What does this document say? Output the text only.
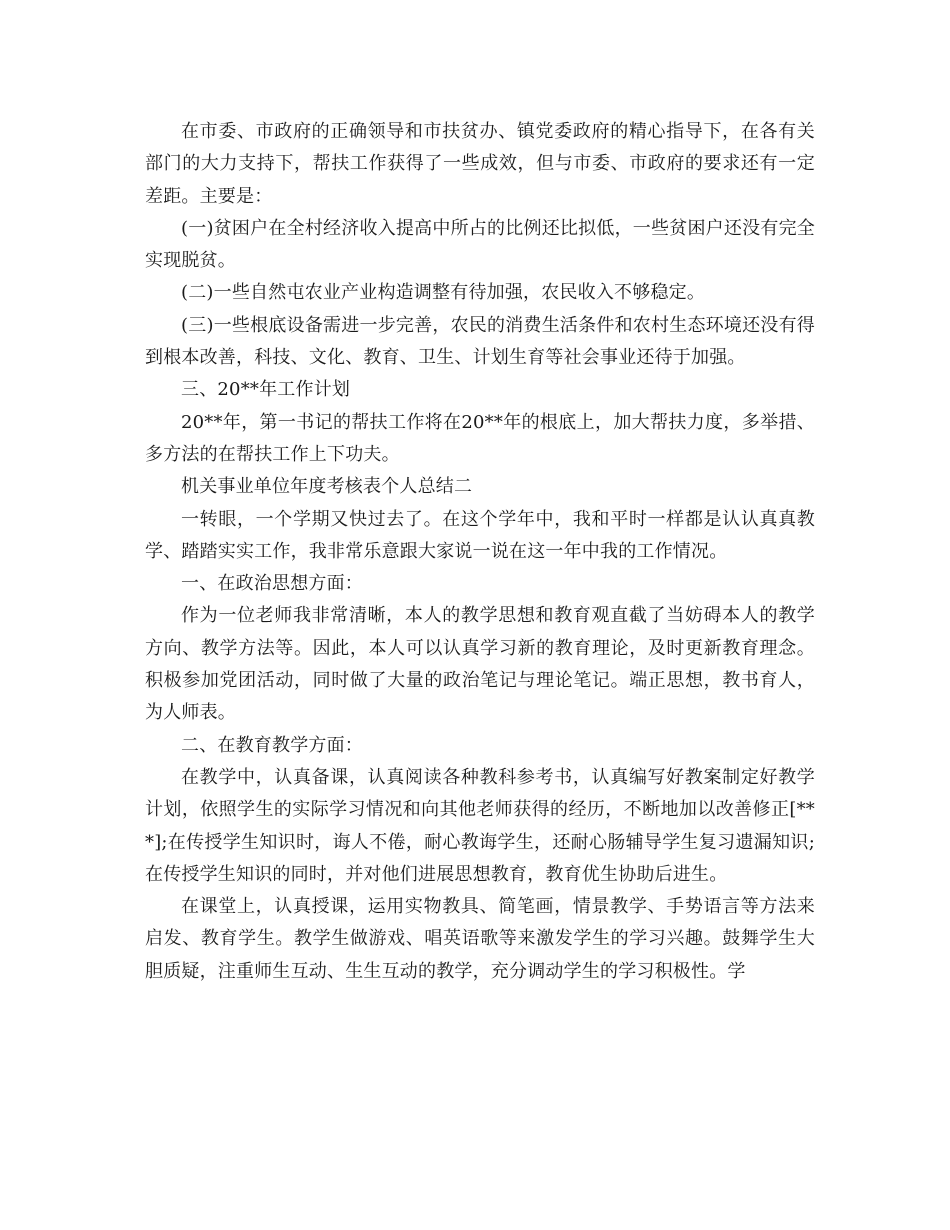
在市委、市政府的正确领导和市扶贫办、镇党委政府的精心指导下，在各有关部门的大力支持下，帮扶工作获得了一些成效，但与市委、市政府的要求还有一定差距。主要是：

(一)贫困户在全村经济收入提高中所占的比例还比拟低，一些贫困户还没有完全实现脱贫。

(二)一些自然屯农业产业构造调整有待加强，农民收入不够稳定。

(三)一些根底设备需进一步完善，农民的消费生活条件和农村生态环境还没有得到根本改善，科技、文化、教育、卫生、计划生育等社会事业还待于加强。

三、20**年工作计划

20**年，第一书记的帮扶工作将在20**年的根底上，加大帮扶力度，多举措、多方法的在帮扶工作上下功夫。

机关事业单位年度考核表个人总结二

一转眼，一个学期又快过去了。在这个学年中，我和平时一样都是认认真真教学、踏踏实实工作，我非常乐意跟大家说一说在这一年中我的工作情况。

一、在政治思想方面：

作为一位老师我非常清晰，本人的教学思想和教育观直截了当妨碍本人的教学方向、教学方法等。因此，本人可以认真学习新的教育理论，及时更新教育理念。积极参加党团活动，同时做了大量的政治笔记与理论笔记。端正思想，教书育人，为人师表。

二、在教育教学方面：

在教学中，认真备课，认真阅读各种教科参考书，认真编写好教案制定好教学计划，依照学生的实际学习情况和向其他老师获得的经历，不断地加以改善修正[***];在传授学生知识时，诲人不倦，耐心教诲学生，还耐心肠辅导学生复习遗漏知识;在传授学生知识的同时，并对他们进展思想教育，教育优生协助后进生。

在课堂上，认真授课，运用实物教具、简笔画，情景教学、手势语言等方法来启发、教育学生。教学生做游戏、唱英语歌等来激发学生的学习兴趣。鼓舞学生大胆质疑，注重师生互动、生生互动的教学，充分调动学生的学习积极性。学
